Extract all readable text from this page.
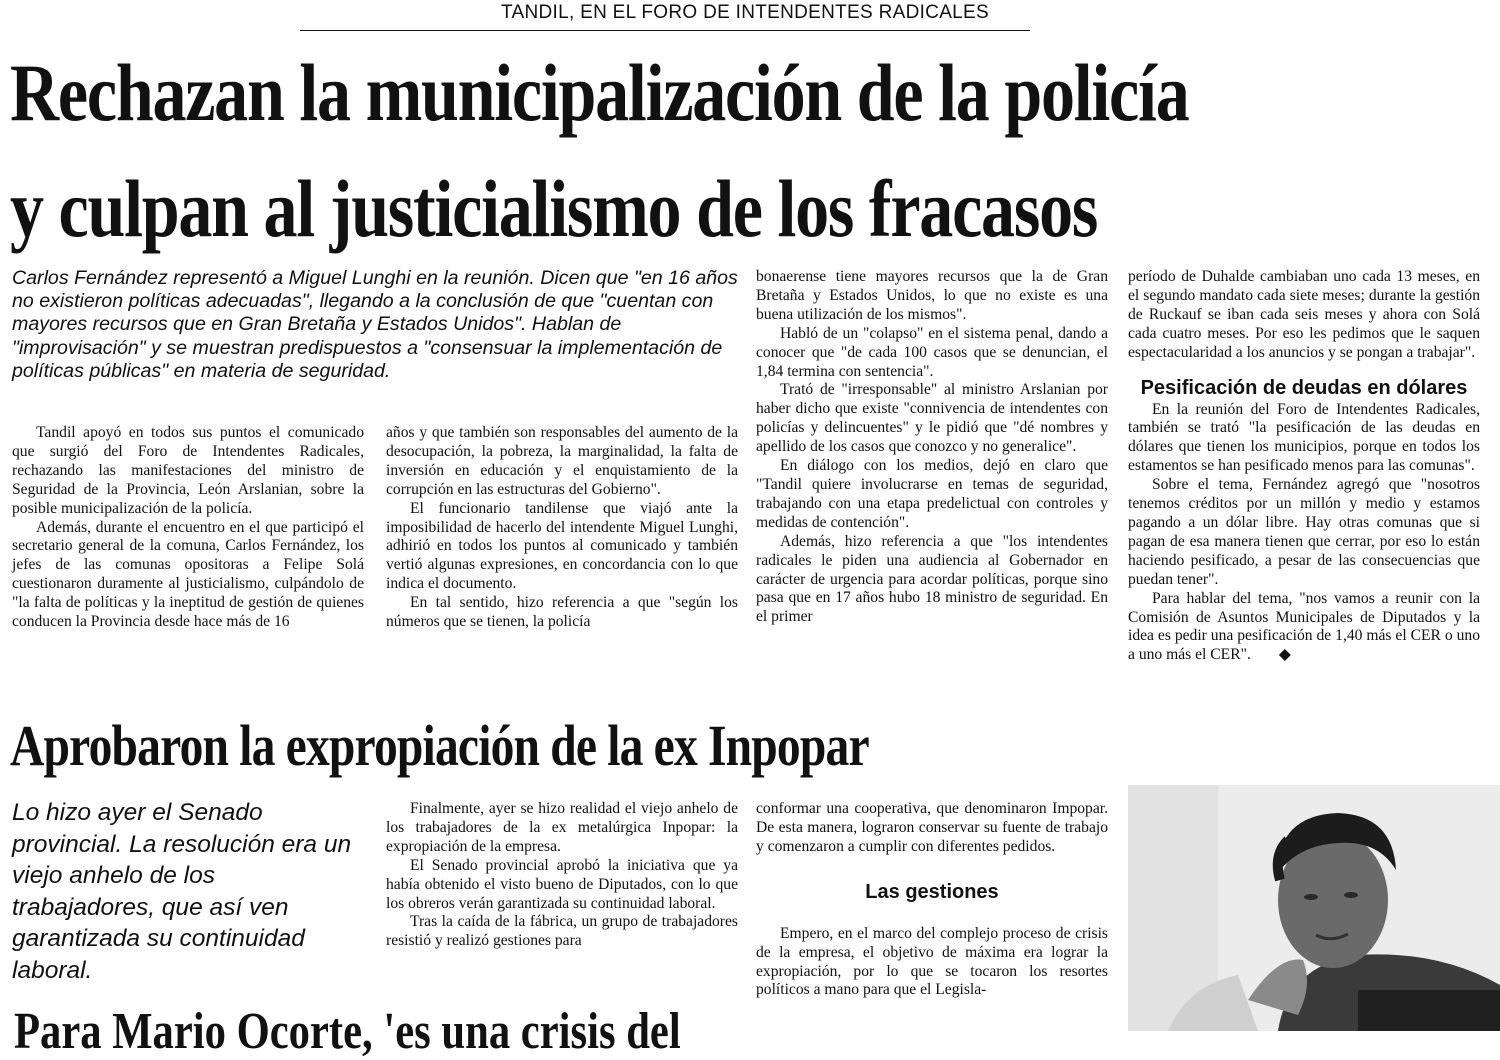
TANDIL, EN EL FORO DE INTENDENTES RADICALES
Rechazan la municipalización de la policía
y culpan al justicialismo de los fracasos
Carlos Fernández representó a Miguel Lunghi en la reunión. Dicen que "en 16 años no existieron políticas adecuadas", llegando a la conclusión de que "cuentan con mayores recursos que en Gran Bretaña y Estados Unidos". Hablan de "improvisación" y se muestran predispuestos a "consensuar la implementación de políticas públicas" en materia de seguridad.

Tandil apoyó en todos sus puntos el comunicado que surgió del Foro de Intendentes Radicales, rechazando las manifestaciones del ministro de Seguridad de la Provincia, León Arslanian, sobre la posible municipalización de la policía.

Además, durante el encuentro en el que participó el secretario general de la comuna, Carlos Fernández, los jefes de las comunas opositoras a Felipe Solá cuestionaron duramente al justicialismo, culpándolo de "la falta de políticas y la ineptitud de gestión de quienes conducen la Provincia desde hace más de 16

años y que también son responsables del aumento de la desocupación, la pobreza, la marginalidad, la falta de inversión en educación y el enquistamiento de la corrupción en las estructuras del Gobierno".

El funcionario tandilense que viajó ante la imposibilidad de hacerlo del intendente Miguel Lunghi, adhirió en todos los puntos al comunicado y también vertió algunas expresiones, en concordancia con lo que indica el documento.

En tal sentido, hizo referencia a que "según los números que se tienen, la policía

bonaerense tiene mayores recursos que la de Gran Bretaña y Estados Unidos, lo que no existe es una buena utilización de los mismos".

Habló de un "colapso" en el sistema penal, dando a conocer que "de cada 100 casos que se denuncian, el 1,84 termina con sentencia".

Trató de "irresponsable" al ministro Arslanian por haber dicho que existe "connivencia de intendentes con policías y delincuentes" y le pidió que "dé nombres y apellido de los casos que conozco y no generalice".

En diálogo con los medios, dejó en claro que "Tandil quiere involucrarse en temas de seguridad, trabajando con una etapa predelictual con controles y medidas de contención".

Además, hizo referencia a que "los intendentes radicales le piden una audiencia al Gobernador en carácter de urgencia para acordar políticas, porque sino pasa que en 17 años hubo 18 ministro de seguridad. En el primer

período de Duhalde cambiaban uno cada 13 meses, en el segundo mandato cada siete meses; durante la gestión de Ruckauf se iban cada seis meses y ahora con Solá cada cuatro meses. Por eso les pedimos que le saquen espectacularidad a los anuncios y se pongan a trabajar".

Pesificación de deudas en dólares

En la reunión del Foro de Intendentes Radicales, también se trató "la pesificación de las deudas en dólares que tienen los municipios, porque en todos los estamentos se han pesificado menos para las comunas".

Sobre el tema, Fernández agregó que "nosotros tenemos créditos por un millón y medio y estamos pagando a un dólar libre. Hay otras comunas que si pagan de esa manera tienen que cerrar, por eso lo están haciendo pesificado, a pesar de las consecuencias que puedan tener".

Para hablar del tema, "nos vamos a reunir con la Comisión de Asuntos Municipales de Diputados y la idea es pedir una pesificación de 1,40 más el CER o uno a uno más el CER". ◆

Aprobaron la expropiación de la ex Inpopar
Lo hizo ayer el Senado provincial. La resolución era un viejo anhelo de los trabajadores, que así ven garantizada su continuidad laboral.

Finalmente, ayer se hizo realidad el viejo anhelo de los trabajadores de la ex metalúrgica Inpopar: la expropiación de la empresa.

El Senado provincial aprobó la iniciativa que ya había obtenido el visto bueno de Diputados, con lo que los obreros verán garantizada su continuidad laboral.

Tras la caída de la fábrica, un grupo de trabajadores resistió y realizó gestiones para

conformar una cooperativa, que denominaron Impopar. De esta manera, lograron conservar su fuente de trabajo y comenzaron a cumplir con diferentes pedidos.

Las gestiones

Empero, en el marco del complejo proceso de crisis de la empresa, el objetivo de máxima era lograr la expropiación, por lo que se tocaron los resortes políticos a mano para que el Legisla-

Para Mario Ocorte, 'es una crisis del
